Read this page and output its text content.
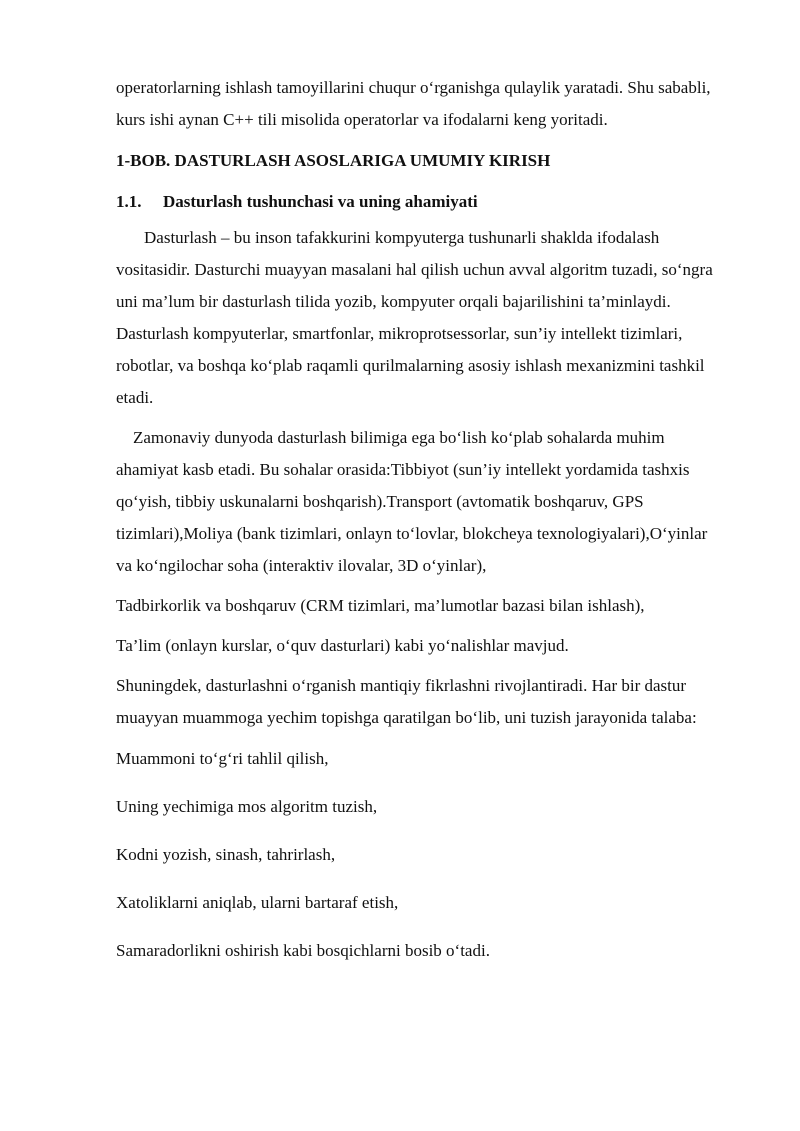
operatorlarning ishlash tamoyillarini chuqur o‘rganishga qulaylik yaratadi. Shu sababli, kurs ishi aynan C++ tili misolida operatorlar va ifodalarni keng yoritadi.

1-BOB. DASTURLASH ASOSLARIGA UMUMIY KIRISH
1.1. Dasturlash tushunchasi va uning ahamiyati

Dasturlash – bu inson tafakkurini kompyuterga tushunarli shaklda ifodalash vositasidir. Dasturchi muayyan masalani hal qilish uchun avval algoritm tuzadi, so‘ngra uni ma’lum bir dasturlash tilida yozib, kompyuter orqali bajarilishini ta’minlaydi. Dasturlash kompyuterlar, smartfonlar, mikroprotsessorlar, sun’iy intellekt tizimlari, robotlar, va boshqa ko‘plab raqamli qurilmalarning asosiy ishlash mexanizmini tashkil etadi.

Zamonaviy dunyoda dasturlash bilimiga ega bo‘lish ko‘plab sohalarda muhim ahamiyat kasb etadi. Bu sohalar orasida:Tibbiyot (sun’iy intellekt yordamida tashxis qo‘yish, tibbiy uskunalarni boshqarish).Transport (avtomatik boshqaruv, GPS tizimlari),Moliya (bank tizimlari, onlayn to‘lovlar, blokcheya texnologiyalari),O‘yinlar va ko‘ngilochar soha (interaktiv ilovalar, 3D o‘yinlar),

Tadbirkorlik va boshqaruv (CRM tizimlari, ma’lumotlar bazasi bilan ishlash),

Ta’lim (onlayn kurslar, o‘quv dasturlari) kabi yo‘nalishlar mavjud.

Shuningdek, dasturlashni o‘rganish mantiqiy fikrlashni rivojlantiradi. Har bir dastur muayyan muammoga yechim topishga qaratilgan bo‘lib, uni tuzish jarayonida talaba:

Muammoni to‘g‘ri tahlil qilish,

Uning yechimiga mos algoritm tuzish,

Kodni yozish, sinash, tahrirlash,

Xatoliklarni aniqlab, ularni bartaraf etish,

Samaradorlikni oshirish kabi bosqichlarni bosib o‘tadi.
